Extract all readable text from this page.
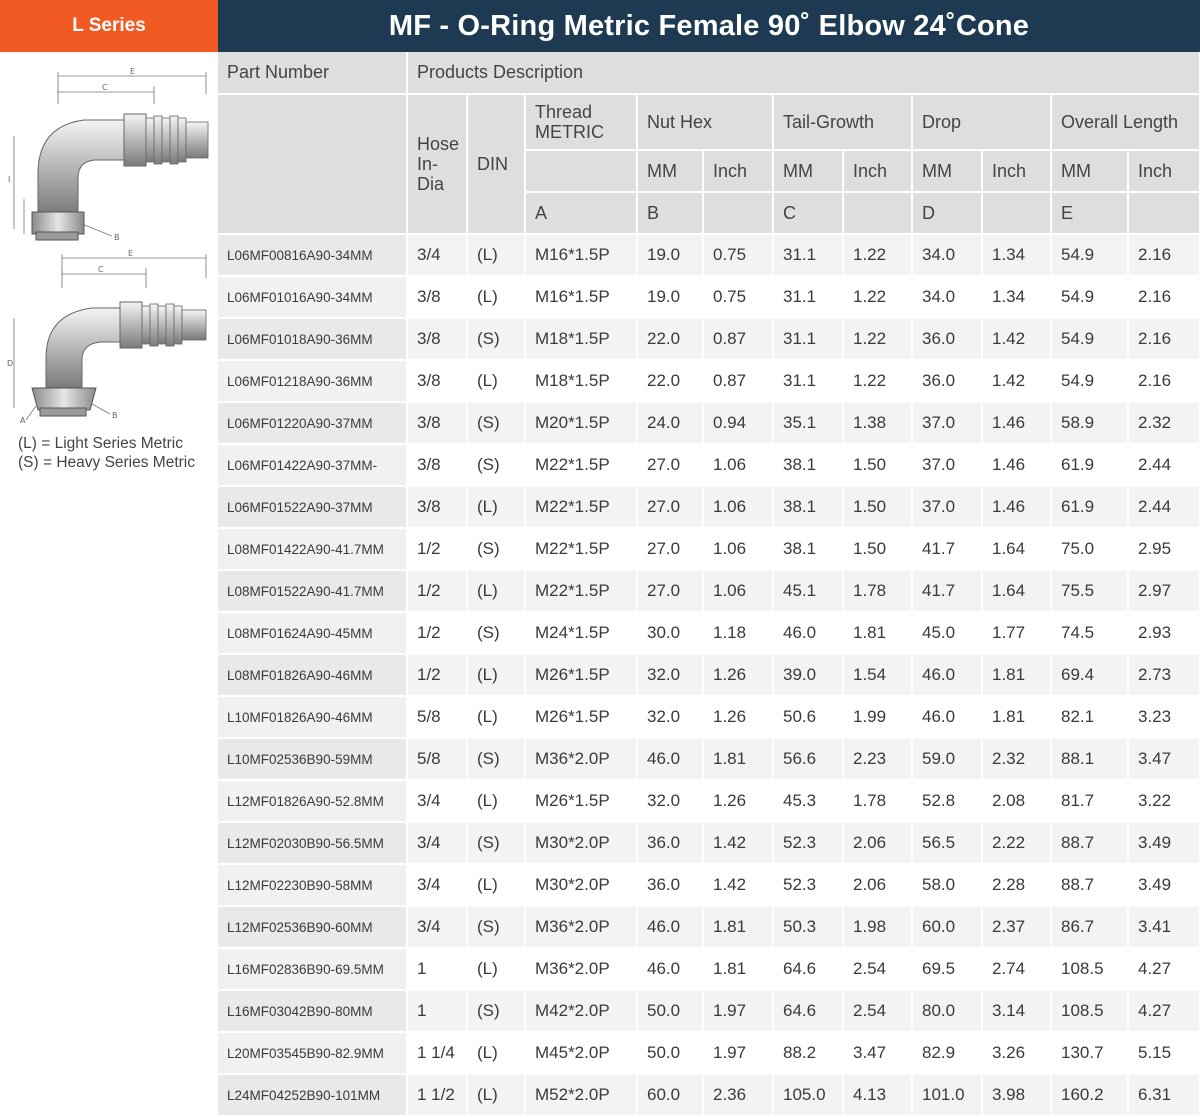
L Series	MF - O-Ring Metric Female 90˚ Elbow 24˚Cone
E
C
I
B
E
C
D
A
B
(L) = Light Series Metric
(S) = Heavy Series Metric
Part Number	Products Description										
	Hose In- Dia	DIN	Thread METRIC	Nut Hex		Tail-Growth		Drop		Overall Length	
				MM	Inch	MM	Inch	MM	Inch	MM	Inch
			A	B		C		D		E	
L06MF00816A90-34MM	3/4	(L)	M16*1.5P	19.0	0.75	31.1	1.22	34.0	1.34	54.9	2.16
L06MF01016A90-34MM	3/8	(L)	M16*1.5P	19.0	0.75	31.1	1.22	34.0	1.34	54.9	2.16
L06MF01018A90-36MM	3/8	(S)	M18*1.5P	22.0	0.87	31.1	1.22	36.0	1.42	54.9	2.16
L06MF01218A90-36MM	3/8	(L)	M18*1.5P	22.0	0.87	31.1	1.22	36.0	1.42	54.9	2.16
L06MF01220A90-37MM	3/8	(S)	M20*1.5P	24.0	0.94	35.1	1.38	37.0	1.46	58.9	2.32
L06MF01422A90-37MM-	3/8	(S)	M22*1.5P	27.0	1.06	38.1	1.50	37.0	1.46	61.9	2.44
L06MF01522A90-37MM	3/8	(L)	M22*1.5P	27.0	1.06	38.1	1.50	37.0	1.46	61.9	2.44
L08MF01422A90-41.7MM	1/2	(S)	M22*1.5P	27.0	1.06	38.1	1.50	41.7	1.64	75.0	2.95
L08MF01522A90-41.7MM	1/2	(L)	M22*1.5P	27.0	1.06	45.1	1.78	41.7	1.64	75.5	2.97
L08MF01624A90-45MM	1/2	(S)	M24*1.5P	30.0	1.18	46.0	1.81	45.0	1.77	74.5	2.93
L08MF01826A90-46MM	1/2	(L)	M26*1.5P	32.0	1.26	39.0	1.54	46.0	1.81	69.4	2.73
L10MF01826A90-46MM	5/8	(L)	M26*1.5P	32.0	1.26	50.6	1.99	46.0	1.81	82.1	3.23
L10MF02536B90-59MM	5/8	(S)	M36*2.0P	46.0	1.81	56.6	2.23	59.0	2.32	88.1	3.47
L12MF01826A90-52.8MM	3/4	(L)	M26*1.5P	32.0	1.26	45.3	1.78	52.8	2.08	81.7	3.22
L12MF02030B90-56.5MM	3/4	(S)	M30*2.0P	36.0	1.42	52.3	2.06	56.5	2.22	88.7	3.49
L12MF02230B90-58MM	3/4	(L)	M30*2.0P	36.0	1.42	52.3	2.06	58.0	2.28	88.7	3.49
L12MF02536B90-60MM	3/4	(S)	M36*2.0P	46.0	1.81	50.3	1.98	60.0	2.37	86.7	3.41
L16MF02836B90-69.5MM	1	(L)	M36*2.0P	46.0	1.81	64.6	2.54	69.5	2.74	108.5	4.27
L16MF03042B90-80MM	1	(S)	M42*2.0P	50.0	1.97	64.6	2.54	80.0	3.14	108.5	4.27
L20MF03545B90-82.9MM	1 1/4	(L)	M45*2.0P	50.0	1.97	88.2	3.47	82.9	3.26	130.7	5.15
L24MF04252B90-101MM	1 1/2	(L)	M52*2.0P	60.0	2.36	105.0	4.13	101.0	3.98	160.2	6.31
